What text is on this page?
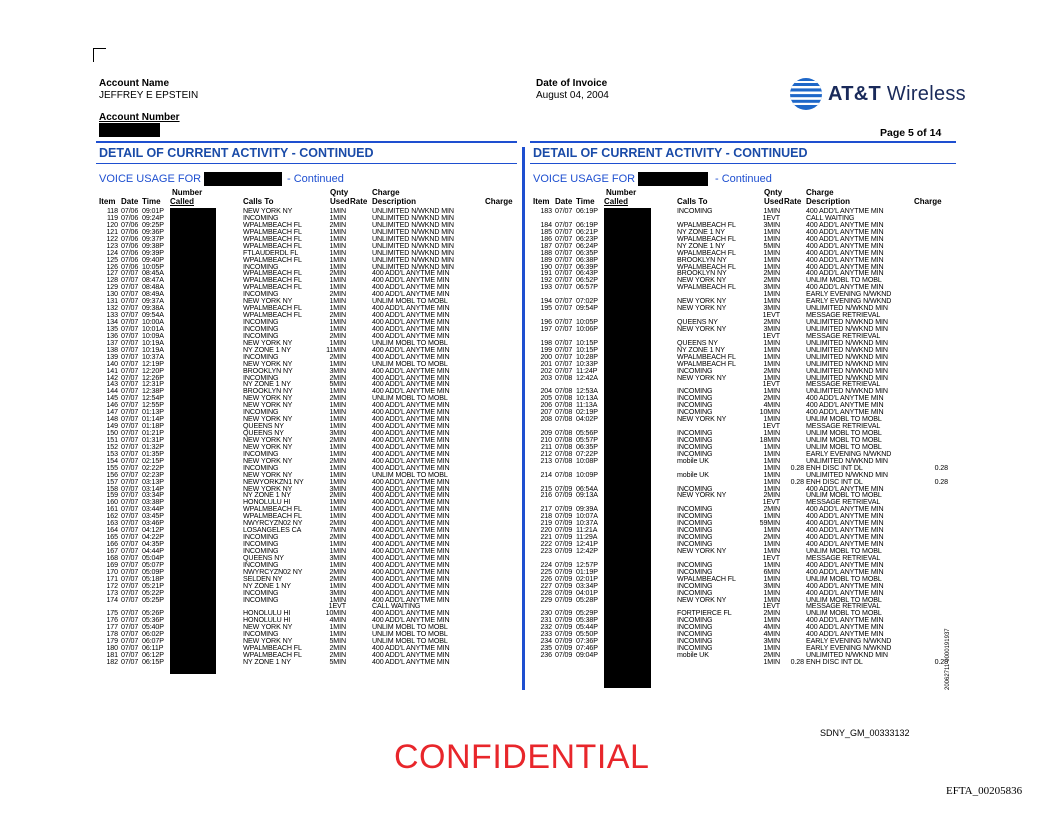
Account Name
JEFFREY E EPSTEIN
Account Number
Date of Invoice
August 04, 2004	AT&T Wireless
Page 5 of 14
DETAIL OF CURRENT ACTIVITY - CONTINUED
VOICE USAGE FOR	- Continued
Number	Qnty	Charge
Item Date Time Called	Calls To	Used Rate Description	Charge
118 07/06 09:01P	NEW YORK NY	1MIN	UNLIMITED N/WKND MIN
119 07/06 09:24P	INCOMING	1MIN	UNLIMITED N/WKND MIN
120 07/06 09:25P	WPALMBEACH FL	2MIN	UNLIMITED N/WKND MIN
121 07/06 09:36P	WPALMBEACH FL	1MIN	UNLIMITED N/WKND MIN
122 07/06 09:37P	WPALMBEACH FL	1MIN	UNLIMITED N/WKND MIN
123 07/06 09:38P	WPALMBEACH FL	1MIN	UNLIMITED N/WKND MIN
124 07/06 09:39P	FTLAUDERDL FL	1MIN	UNLIMITED N/WKND MIN
125 07/06 09:40P	WPALMBEACH FL	1MIN	UNLIMITED N/WKND MIN
126 07/06 10:05P	INCOMING	1MIN	UNLIMITED N/WKND MIN
127 07/07 08:45A	WPALMBEACH FL	2MIN	400 ADD'L ANYTME MIN
128 07/07 08:47A	WPALMBEACH FL	1MIN	400 ADD'L ANYTME MIN
129 07/07 08:48A	WPALMBEACH FL	1MIN	400 ADD'L ANYTME MIN
130 07/07 08:49A	INCOMING	2MIN	400 ADD'L ANYTME MIN
131 07/07 09:37A	NEW YORK NY	1MIN	UNLIM MOBL TO MOBL
132 07/07 09:38A	WPALMBEACH FL	1MIN	400 ADD'L ANYTME MIN
133 07/07 09:54A	WPALMBEACH FL	2MIN	400 ADD'L ANYTME MIN
134 07/07 10:00A	INCOMING	1MIN	400 ADD'L ANYTME MIN
135 07/07 10:01A	INCOMING	1MIN	400 ADD'L ANYTME MIN
136 07/07 10:09A	INCOMING	2MIN	400 ADD'L ANYTME MIN
137 07/07 10:19A	NEW YORK NY	1MIN	UNLIM MOBL TO MOBL
138 07/07 10:19A	NY ZONE 1 NY	11MIN	400 ADD'L ANYTME MIN
139 07/07 10:37A	INCOMING	2MIN	400 ADD'L ANYTME MIN
140 07/07 12:19P	NEW YORK NY	1MIN	UNLIM MOBL TO MOBL
141 07/07 12:20P	BROOKLYN NY	3MIN	400 ADD'L ANYTME MIN
142 07/07 12:26P	INCOMING	2MIN	400 ADD'L ANYTME MIN
143 07/07 12:31P	NY ZONE 1 NY	5MIN	400 ADD'L ANYTME MIN
144 07/07 12:38P	BROOKLYN NY	1MIN	400 ADD'L ANYTME MIN
145 07/07 12:54P	NEW YORK NY	2MIN	UNLIM MOBL TO MOBL
146 07/07 12:55P	NEW YORK NY	1MIN	400 ADD'L ANYTME MIN
147 07/07 01:13P	INCOMING	1MIN	400 ADD'L ANYTME MIN
148 07/07 01:14P	NEW YORK NY	1MIN	400 ADD'L ANYTME MIN
149 07/07 01:18P	QUEENS NY	1MIN	400 ADD'L ANYTME MIN
150 07/07 01:21P	QUEENS NY	3MIN	400 ADD'L ANYTME MIN
151 07/07 01:31P	NEW YORK NY	2MIN	400 ADD'L ANYTME MIN
152 07/07 01:32P	NEW YORK NY	1MIN	400 ADD'L ANYTME MIN
153 07/07 01:35P	INCOMING	1MIN	400 ADD'L ANYTME MIN
154 07/07 02:15P	NEW YORK NY	2MIN	400 ADD'L ANYTME MIN
155 07/07 02:22P	INCOMING	1MIN	400 ADD'L ANYTME MIN
156 07/07 02:23P	NEW YORK NY	1MIN	UNLIM MOBL TO MOBL
157 07/07 03:13P	NEWYORKZN1 NY	1MIN	400 ADD'L ANYTME MIN
158 07/07 03:14P	NEW YORK NY	3MIN	400 ADD'L ANYTME MIN
159 07/07 03:34P	NY ZONE 1 NY	2MIN	400 ADD'L ANYTME MIN
160 07/07 03:38P	HONOLULU HI	1MIN	400 ADD'L ANYTME MIN
161 07/07 03:44P	WPALMBEACH FL	1MIN	400 ADD'L ANYTME MIN
162 07/07 03:45P	WPALMBEACH FL	1MIN	400 ADD'L ANYTME MIN
163 07/07 03:46P	NWYRCYZN02 NY	2MIN	400 ADD'L ANYTME MIN
164 07/07 04:12P	LOSANGELES CA	7MIN	400 ADD'L ANYTME MIN
165 07/07 04:22P	INCOMING	2MIN	400 ADD'L ANYTME MIN
166 07/07 04:35P	INCOMING	1MIN	400 ADD'L ANYTME MIN
167 07/07 04:44P	INCOMING	1MIN	400 ADD'L ANYTME MIN
168 07/07 05:04P	QUEENS NY	3MIN	400 ADD'L ANYTME MIN
169 07/07 05:07P	INCOMING	1MIN	400 ADD'L ANYTME MIN
170 07/07 05:09P	NWYRCYZN02 NY	2MIN	400 ADD'L ANYTME MIN
171 07/07 05:18P	SELDEN NY	2MIN	400 ADD'L ANYTME MIN
172 07/07 05:21P	NY ZONE 1 NY	1MIN	400 ADD'L ANYTME MIN
173 07/07 05:22P	INCOMING	3MIN	400 ADD'L ANYTME MIN
174 07/07 05:25P	INCOMING	1MIN	400 ADD'L ANYTME MIN
1EVT	CALL WAITING
175 07/07 05:26P	HONOLULU HI	10MIN	400 ADD'L ANYTME MIN
176 07/07 05:36P	HONOLULU HI	4MIN	400 ADD'L ANYTME MIN
177 07/07 05:40P	NEW YORK NY	1MIN	UNLIM MOBL TO MOBL
178 07/07 06:02P	INCOMING	1MIN	UNLIM MOBL TO MOBL
179 07/07 06:07P	NEW YORK NY	5MIN	UNLIM MOBL TO MOBL
180 07/07 06:11P	WPALMBEACH FL	2MIN	400 ADD'L ANYTME MIN
181 07/07 06:12P	WPALMBEACH FL	2MIN	400 ADD'L ANYTME MIN
182 07/07 06:15P	NY ZONE 1 NY	5MIN	400 ADD'L ANYTME MIN
DETAIL OF CURRENT ACTIVITY - CONTINUED
VOICE USAGE FOR	- Continued
Number	Qnty	Charge
Item Date Time Called	Calls To	Used Rate Description	Charge
183 07/07 06:19P	INCOMING	1MIN	400 ADD'L ANYTME MIN
1EVT	CALL WAITING
184 07/07 06:19P	WPALMBEACH FL	3MIN	400 ADD'L ANYTME MIN
185 07/07 06:21P	NY ZONE 1 NY	1MIN	400 ADD'L ANYTME MIN
186 07/07 06:23P	WPALMBEACH FL	1MIN	400 ADD'L ANYTME MIN
187 07/07 06:24P	NY ZONE 1 NY	5MIN	400 ADD'L ANYTME MIN
188 07/07 06:35P	WPALMBEACH FL	1MIN	400 ADD'L ANYTME MIN
189 07/07 06:38P	BROOKLYN NY	1MIN	400 ADD'L ANYTME MIN
190 07/07 06:39P	WPALMBEACH FL	1MIN	400 ADD'L ANYTME MIN
191 07/07 06:43P	BROOKLYN NY	2MIN	400 ADD'L ANYTME MIN
192 07/07 06:52P	NEW YORK NY	2MIN	UNLIM MOBL TO MOBL
193 07/07 06:57P	WPALMBEACH FL	3MIN	400 ADD'L ANYTME MIN
1MIN	EARLY EVENING N/WKND
194 07/07 07:02P	NEW YORK NY	1MIN	EARLY EVENING N/WKND
195 07/07 09:54P	NEW YORK NY	3MIN	UNLIMITED N/WKND MIN
1EVT	MESSAGE RETRIEVAL
196 07/07 10:05P	QUEENS NY	2MIN	UNLIMITED N/WKND MIN
197 07/07 10:06P	NEW YORK NY	3MIN	UNLIMITED N/WKND MIN
1EVT	MESSAGE RETRIEVAL
198 07/07 10:15P	QUEENS NY	1MIN	UNLIMITED N/WKND MIN
199 07/07 10:15P	NY ZONE 1 NY	1MIN	UNLIMITED N/WKND MIN
200 07/07 10:28P	WPALMBEACH FL	1MIN	UNLIMITED N/WKND MIN
201 07/07 10:33P	WPALMBEACH FL	1MIN	UNLIMITED N/WKND MIN
202 07/07 11:24P	INCOMING	2MIN	UNLIMITED N/WKND MIN
203 07/08 12:42A	NEW YORK NY	1MIN	UNLIMITED N/WKND MIN
1EVT	MESSAGE RETRIEVAL
204 07/08 12:53A	INCOMING	1MIN	UNLIMITED N/WKND MIN
205 07/08 10:13A	INCOMING	2MIN	400 ADD'L ANYTME MIN
206 07/08 11:13A	INCOMING	4MIN	400 ADD'L ANYTME MIN
207 07/08 02:19P	INCOMING	10MIN	400 ADD'L ANYTME MIN
208 07/08 04:02P	NEW YORK NY	1MIN	UNLIM MOBL TO MOBL
1EVT	MESSAGE RETRIEVAL
209 07/08 05:56P	INCOMING	1MIN	UNLIM MOBL TO MOBL
210 07/08 05:57P	INCOMING	18MIN	UNLIM MOBL TO MOBL
211 07/08 06:35P	INCOMING	1MIN	UNLIM MOBL TO MOBL
212 07/08 07:22P	INCOMING	1MIN	EARLY EVENING N/WKND
213 07/08 10:08P	mobile UK	1MIN	UNLIMITED N/WKND MIN
1MIN	0.28 ENH DISC INT DL	0.28
214 07/08 10:09P	mobile UK	1MIN	UNLIMITED N/WKND MIN
1MIN	0.28 ENH DISC INT DL	0.28
215 07/09 06:54A	INCOMING	1MIN	400 ADD'L ANYTME MIN
216 07/09 09:13A	NEW YORK NY	2MIN	UNLIM MOBL TO MOBL
1EVT	MESSAGE RETRIEVAL
217 07/09 09:39A	INCOMING	2MIN	400 ADD'L ANYTME MIN
218 07/09 10:07A	INCOMING	1MIN	400 ADD'L ANYTME MIN
219 07/09 10:37A	INCOMING	59MIN	400 ADD'L ANYTME MIN
220 07/09 11:21A	INCOMING	1MIN	400 ADD'L ANYTME MIN
221 07/09 11:29A	INCOMING	2MIN	400 ADD'L ANYTME MIN
222 07/09 12:41P	INCOMING	1MIN	400 ADD'L ANYTME MIN
223 07/09 12:42P	NEW YORK NY	1MIN	UNLIM MOBL TO MOBL
1EVT	MESSAGE RETRIEVAL
224 07/09 12:57P	INCOMING	1MIN	400 ADD'L ANYTME MIN
225 07/09 01:19P	INCOMING	6MIN	400 ADD'L ANYTME MIN
226 07/09 02:01P	WPALMBEACH FL	1MIN	UNLIM MOBL TO MOBL
227 07/09 03:34P	INCOMING	3MIN	400 ADD'L ANYTME MIN
228 07/09 04:01P	INCOMING	1MIN	400 ADD'L ANYTME MIN
229 07/09 05:28P	NEW YORK NY	1MIN	UNLIM MOBL TO MOBL
1EVT	MESSAGE RETRIEVAL
230 07/09 05:29P	FORTPIERCE FL	2MIN	UNLIM MOBL TO MOBL
231 07/09 05:38P	INCOMING	1MIN	400 ADD'L ANYTME MIN
232 07/09 05:44P	INCOMING	4MIN	400 ADD'L ANYTME MIN
233 07/09 05:50P	INCOMING	4MIN	400 ADD'L ANYTME MIN
234 07/09 07:36P	INCOMING	3MIN	EARLY EVENING N/WKND
235 07/09 07:46P	INCOMING	1MIN	EARLY EVENING N/WKND
236 07/09 09:04P	mobile UK	2MIN	UNLIMITED N/WKND MIN
1MIN	0.28 ENH DISC INT DL	0.28
SDNY_GM_00333132
CONFIDENTIAL
EFTA_00205836
20062711-0000191937
